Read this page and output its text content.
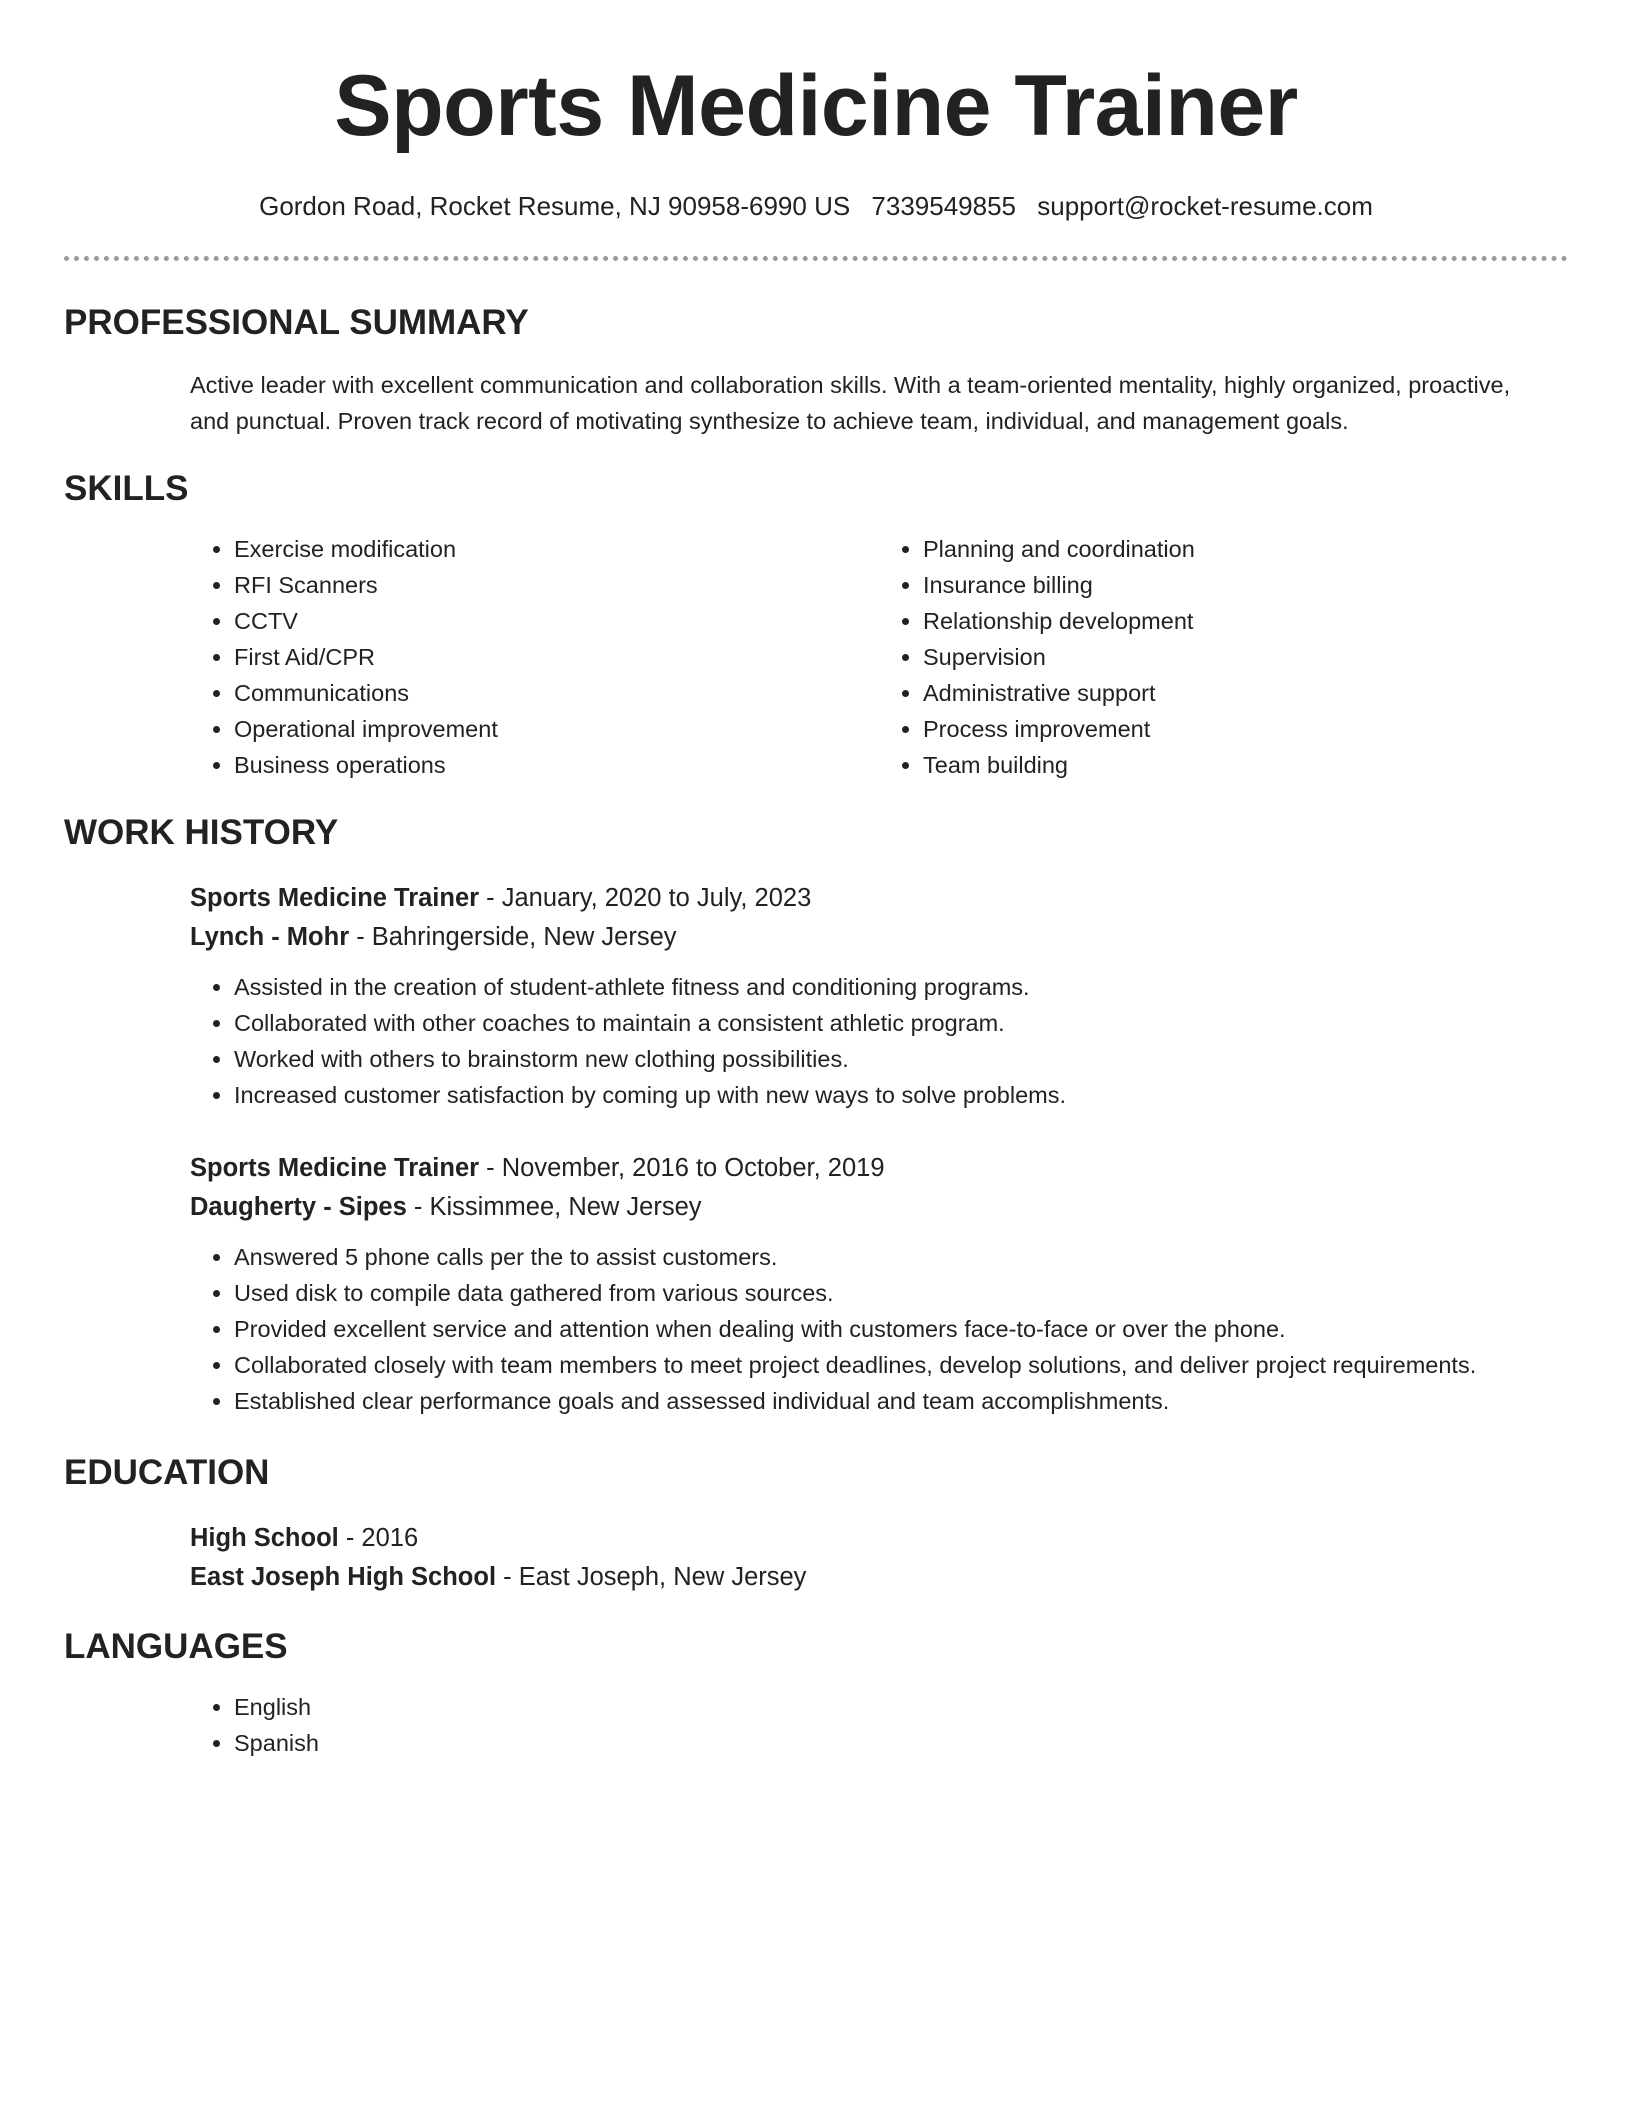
Sports Medicine Trainer
Gordon Road, Rocket Resume, NJ 90958-6990 US 7339549855 support@rocket-resume.com
PROFESSIONAL SUMMARY

Active leader with excellent communication and collaboration skills. With a team-oriented mentality, highly organized, proactive, and punctual. Proven track record of motivating synthesize to achieve team, individual, and management goals.

SKILLS
• Exercise modification
• RFI Scanners
• CCTV
• First Aid/CPR
• Communications
• Operational improvement
• Business operations
• Planning and coordination
• Insurance billing
• Relationship development
• Supervision
• Administrative support
• Process improvement
• Team building
WORK HISTORY
Sports Medicine Trainer - January, 2020 to July, 2023
Lynch - Mohr - Bahringerside, New Jersey
• Assisted in the creation of student-athlete fitness and conditioning programs.
• Collaborated with other coaches to maintain a consistent athletic program.
• Worked with others to brainstorm new clothing possibilities.
• Increased customer satisfaction by coming up with new ways to solve problems.
Sports Medicine Trainer - November, 2016 to October, 2019
Daugherty - Sipes - Kissimmee, New Jersey
• Answered 5 phone calls per the to assist customers.
• Used disk to compile data gathered from various sources.
• Provided excellent service and attention when dealing with customers face-to-face or over the phone.
• Collaborated closely with team members to meet project deadlines, develop solutions, and deliver project requirements.
• Established clear performance goals and assessed individual and team accomplishments.
EDUCATION
High School - 2016
East Joseph High School - East Joseph, New Jersey
LANGUAGES
• English
• Spanish
